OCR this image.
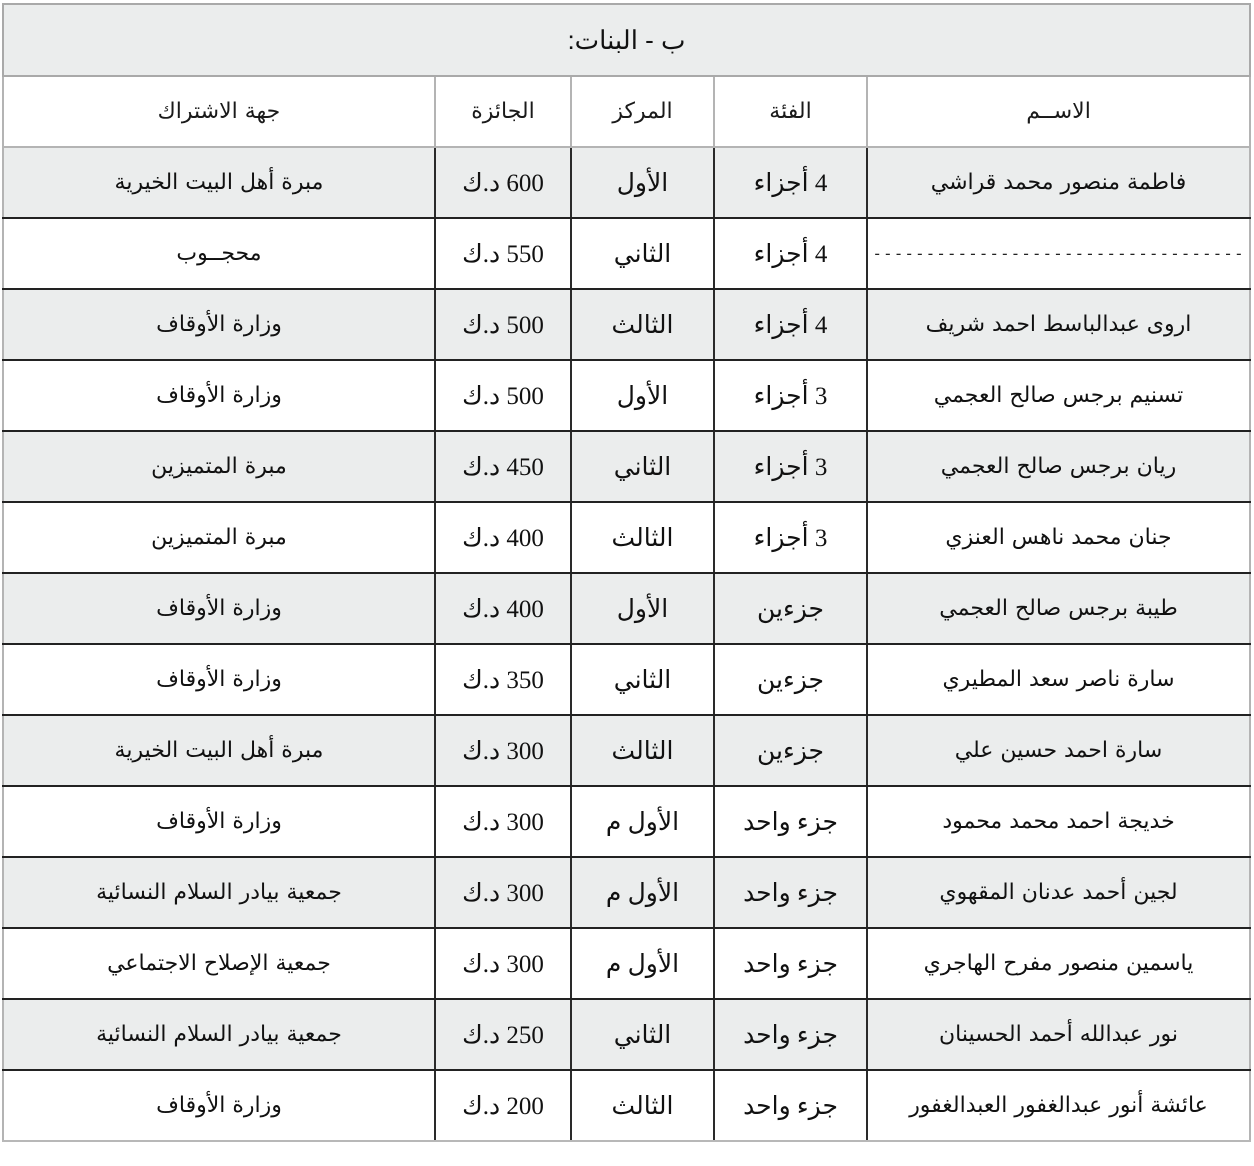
ب - البنات:				
الاســم	الفئة	المركز	الجائزة	جهة الاشتراك
فاطمة منصور محمد قراشي	4 أجزاء	الأول	600 د.ك	مبرة أهل البيت الخيرية
-----------------------------------	4 أجزاء	الثاني	550 د.ك	محجــوب
اروى عبدالباسط احمد شريف	4 أجزاء	الثالث	500 د.ك	وزارة الأوقاف
تسنيم برجس صالح العجمي	3 أجزاء	الأول	500 د.ك	وزارة الأوقاف
ريان برجس صالح العجمي	3 أجزاء	الثاني	450 د.ك	مبرة المتميزين
جنان محمد ناهس العنزي	3 أجزاء	الثالث	400 د.ك	مبرة المتميزين
طيبة برجس صالح العجمي	جزءين	الأول	400 د.ك	وزارة الأوقاف
سارة ناصر سعد المطيري	جزءين	الثاني	350 د.ك	وزارة الأوقاف
سارة احمد حسين علي	جزءين	الثالث	300 د.ك	مبرة أهل البيت الخيرية
خديجة احمد محمد محمود	جزء واحد	الأول م	300 د.ك	وزارة الأوقاف
لجين أحمد عدنان المقهوي	جزء واحد	الأول م	300 د.ك	جمعية بيادر السلام النسائية
ياسمين منصور مفرح الهاجري	جزء واحد	الأول م	300 د.ك	جمعية الإصلاح الاجتماعي
نور عبدالله أحمد الحسينان	جزء واحد	الثاني	250 د.ك	جمعية بيادر السلام النسائية
عائشة أنور عبدالغفور العبدالغفور	جزء واحد	الثالث	200 د.ك	وزارة الأوقاف
